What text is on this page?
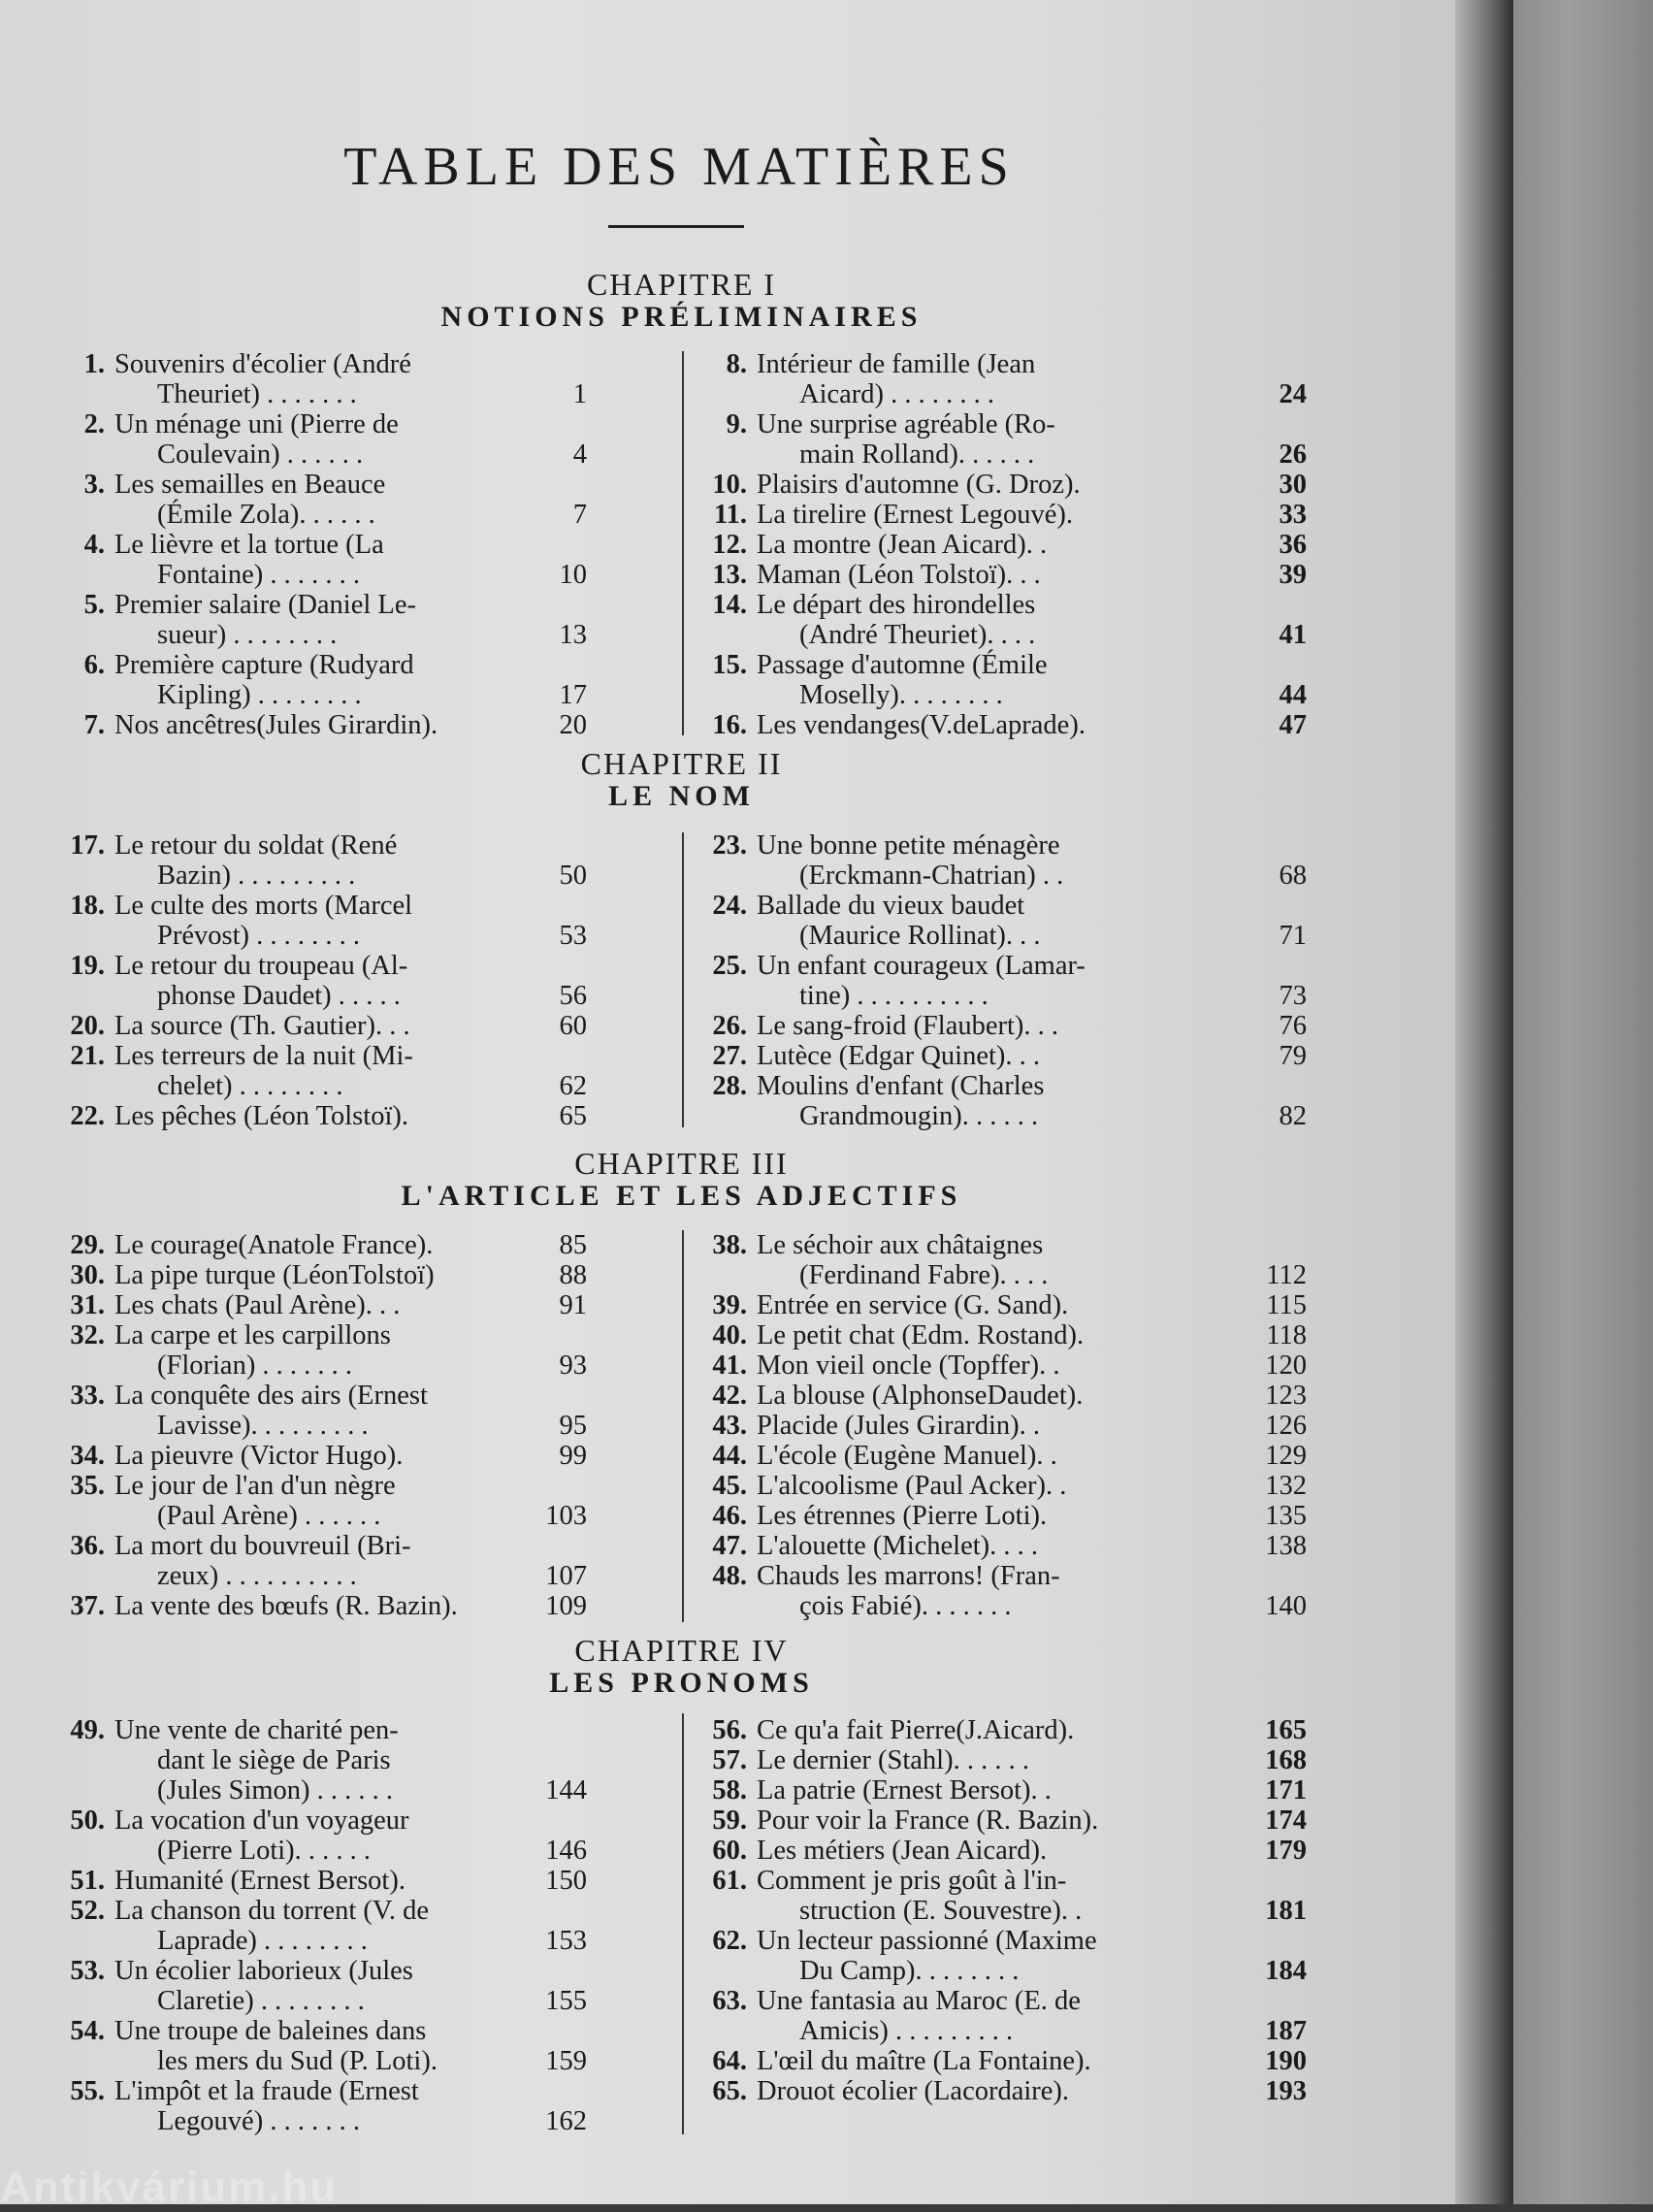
TABLE DES MATIÈRES
CHAPITRE I
NOTIONS PRÉLIMINAIRES
1. Souvenirs d'écolier (André
Theuriet) . . . . . . .	1
2. Un ménage uni (Pierre de
Coulevain) . . . . . .	4
3. Les semailles en Beauce
(Émile Zola). . . . . .	7
4. Le lièvre et la tortue (La
Fontaine) . . . . . . .	10
5. Premier salaire (Daniel Le-
sueur) . . . . . . . .	13
6. Première capture (Rudyard
Kipling) . . . . . . . .	17
7. Nos ancêtres(Jules Girardin).	20
8. Intérieur de famille (Jean
Aicard) . . . . . . . .	24
9. Une surprise agréable (Ro-
main Rolland). . . . . .	26
10. Plaisirs d'automne (G. Droz).	30
11. La tirelire (Ernest Legouvé).	33
12. La montre (Jean Aicard). .	36
13. Maman (Léon Tolstoï). . .	39
14. Le départ des hirondelles
(André Theuriet). . . .	41
15. Passage d'automne (Émile
Moselly). . . . . . . .	44
16. Les vendanges(V.deLaprade).	47
CHAPITRE II
LE NOM
17. Le retour du soldat (René
Bazin) . . . . . . . . .	50
18. Le culte des morts (Marcel
Prévost) . . . . . . . .	53
19. Le retour du troupeau (Al-
phonse Daudet) . . . . .	56
20. La source (Th. Gautier). . .	60
21. Les terreurs de la nuit (Mi-
chelet) . . . . . . . .	62
22. Les pêches (Léon Tolstoï).	65
23. Une bonne petite ménagère
(Erckmann-Chatrian) . .	68
24. Ballade du vieux baudet
(Maurice Rollinat). . .	71
25. Un enfant courageux (Lamar-
tine) . . . . . . . . . .	73
26. Le sang-froid (Flaubert). . .	76
27. Lutèce (Edgar Quinet). . .	79
28. Moulins d'enfant (Charles
Grandmougin). . . . . .	82
CHAPITRE III
L'ARTICLE ET LES ADJECTIFS
29. Le courage(Anatole France).	85
30. La pipe turque (LéonTolstoï)	88
31. Les chats (Paul Arène). . .	91
32. La carpe et les carpillons
(Florian) . . . . . . .	93
33. La conquête des airs (Ernest
Lavisse). . . . . . . . .	95
34. La pieuvre (Victor Hugo).	99
35. Le jour de l'an d'un nègre
(Paul Arène) . . . . . .	103
36. La mort du bouvreuil (Bri-
zeux) . . . . . . . . . .	107
37. La vente des bœufs (R. Bazin).	109
38. Le séchoir aux châtaignes
(Ferdinand Fabre). . . .	112
39. Entrée en service (G. Sand).	115
40. Le petit chat (Edm. Rostand).	118
41. Mon vieil oncle (Topffer). .	120
42. La blouse (AlphonseDaudet).	123
43. Placide (Jules Girardin). .	126
44. L'école (Eugène Manuel). .	129
45. L'alcoolisme (Paul Acker). .	132
46. Les étrennes (Pierre Loti).	135
47. L'alouette (Michelet). . . .	138
48. Chauds les marrons! (Fran-
çois Fabié). . . . . . .	140
CHAPITRE IV
LES PRONOMS
49. Une vente de charité pen-
dant le siège de Paris
(Jules Simon) . . . . . .	144
50. La vocation d'un voyageur
(Pierre Loti). . . . . .	146
51. Humanité (Ernest Bersot).	150
52. La chanson du torrent (V. de
Laprade) . . . . . . . .	153
53. Un écolier laborieux (Jules
Claretie) . . . . . . . .	155
54. Une troupe de baleines dans
les mers du Sud (P. Loti).	159
55. L'impôt et la fraude (Ernest
Legouvé) . . . . . . .	162
56. Ce qu'a fait Pierre(J.Aicard).	165
57. Le dernier (Stahl). . . . . .	168
58. La patrie (Ernest Bersot). .	171
59. Pour voir la France (R. Bazin).	174
60. Les métiers (Jean Aicard).	179
61. Comment je pris goût à l'in-
struction (E. Souvestre). .	181
62. Un lecteur passionné (Maxime
Du Camp). . . . . . . .	184
63. Une fantasia au Maroc (E. de
Amicis) . . . . . . . . .	187
64. L'œil du maître (La Fontaine).	190
65. Drouot écolier (Lacordaire).	193
Antikvárium.hu
